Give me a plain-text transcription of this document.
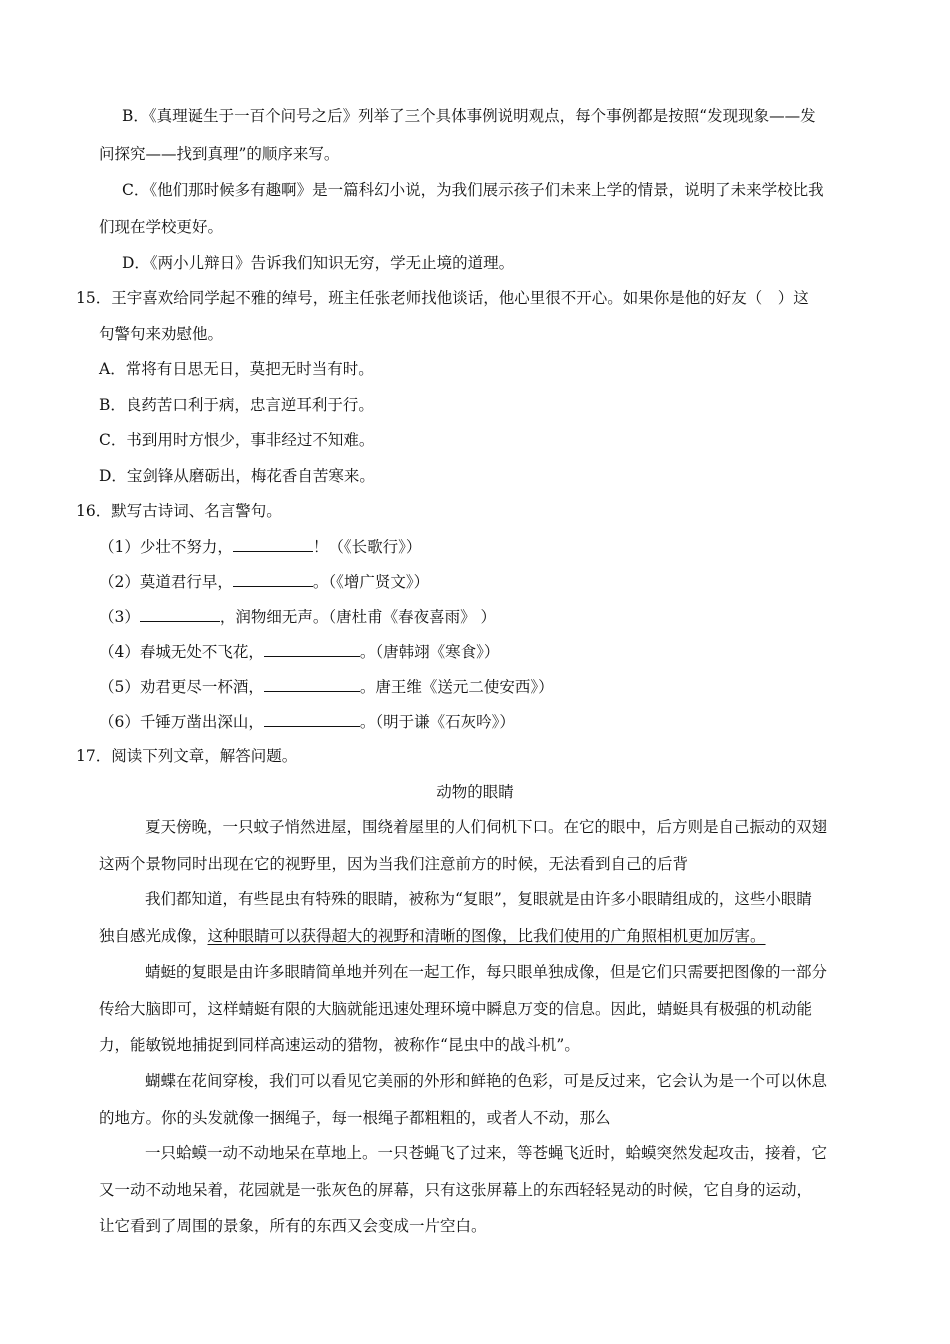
B．《真理诞生于一百个问号之后》列举了三个具体事例说明观点，每个事例都是按照“发现现象——发
问探究——找到真理”的顺序来写。
C．《他们那时候多有趣啊》是一篇科幻小说，为我们展示孩子们未来上学的情景，说明了未来学校比我
们现在学校更好。
D．《两小儿辩日》告诉我们知识无穷，学无止境的道理。
15．王宇喜欢给同学起不雅的绰号，班主任张老师找他谈话，他心里很不开心。如果你是他的好友（　）这
句警句来劝慰他。
A．常将有日思无日，莫把无时当有时。
B．良药苦口利于病，忠言逆耳利于行。
C．书到用时方恨少，事非经过不知难。
D．宝剑锋从磨砺出，梅花香自苦寒来。
16．默写古诗词、名言警句。
（1）少壮不努力，	！（《长歌行》）
（2）莫道君行早，	。（《增广贤文》）
（3）	，润物细无声。（唐杜甫《春夜喜雨》 ）
（4）春城无处不飞花，	。（唐韩翊《寒食》）
（5）劝君更尽一杯酒，	。唐王维《送元二使安西》）
（6）千锤万凿出深山，	。（明于谦《石灰吟》）
17．阅读下列文章，解答问题。
动物的眼睛
夏天傍晚，一只蚊子悄然进屋，围绕着屋里的人们伺机下口。在它的眼中，后方则是自己振动的双翅
这两个景物同时出现在它的视野里，因为当我们注意前方的时候，无法看到自己的后背
我们都知道，有些昆虫有特殊的眼睛，被称为“复眼”，复眼就是由许多小眼睛组成的，这些小眼睛
独自感光成像，这种眼睛可以获得超大的视野和清晰的图像，比我们使用的广角照相机更加厉害。
蜻蜓的复眼是由许多眼睛简单地并列在一起工作，每只眼单独成像，但是它们只需要把图像的一部分
传给大脑即可，这样蜻蜓有限的大脑就能迅速处理环境中瞬息万变的信息。因此，蜻蜓具有极强的机动能
力，能敏锐地捕捉到同样高速运动的猎物，被称作“昆虫中的战斗机”。
蝴蝶在花间穿梭，我们可以看见它美丽的外形和鲜艳的色彩，可是反过来，它会认为是一个可以休息
的地方。你的头发就像一捆绳子，每一根绳子都粗粗的，或者人不动，那么
一只蛤蟆一动不动地呆在草地上。一只苍蝇飞了过来，等苍蝇飞近时，蛤蟆突然发起攻击，接着，它
又一动不动地呆着，花园就是一张灰色的屏幕，只有这张屏幕上的东西轻轻晃动的时候，它自身的运动，
让它看到了周围的景象，所有的东西又会变成一片空白。
